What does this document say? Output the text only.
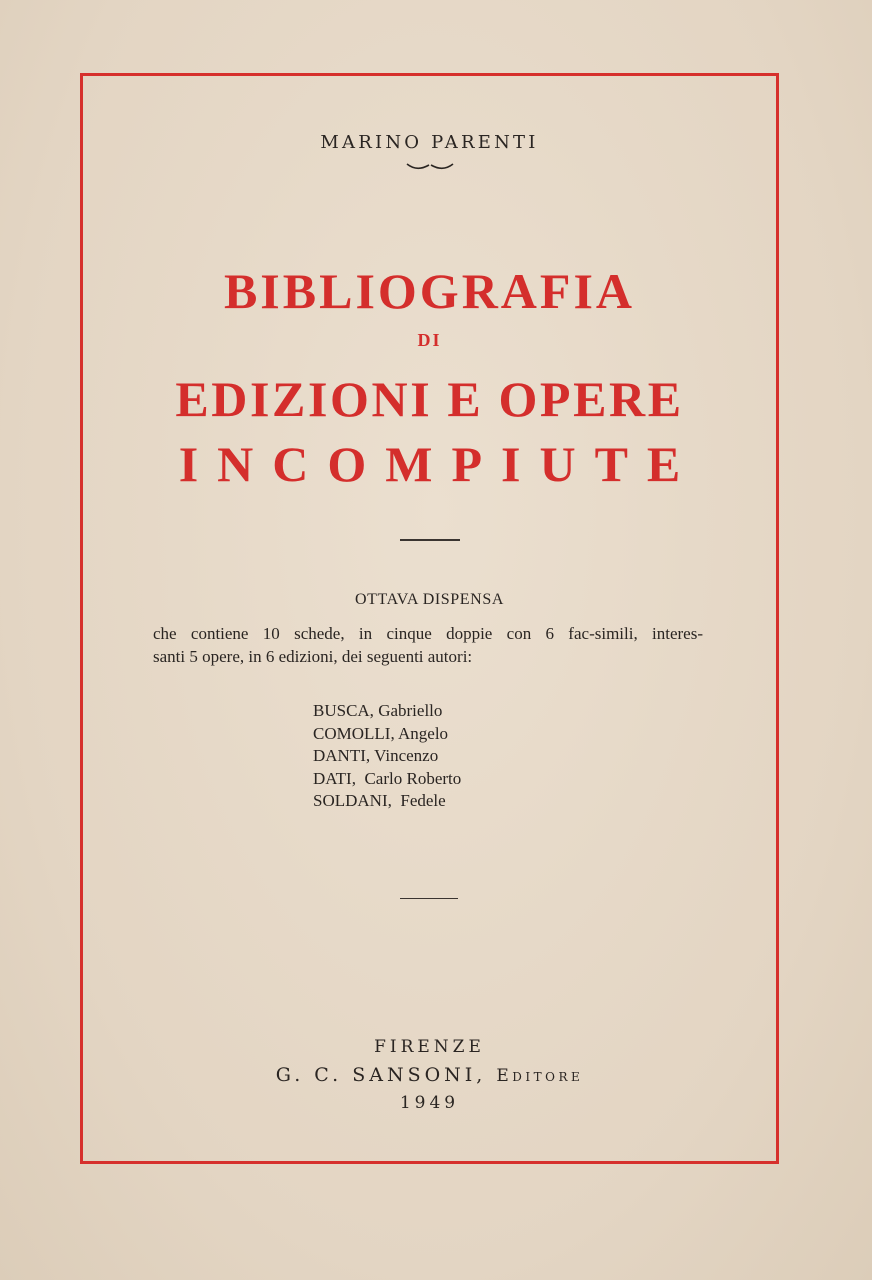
MARINO PARENTI
BIBLIOGRAFIA
DI
EDIZIONI E OPERE
INCOMPIUTE
OTTAVA DISPENSA
che contiene 10 schede, in cinque doppie con 6 fac-simili, interes-
santi 5 opere, in 6 edizioni, dei seguenti autori:
BUSCA, Gabriello
COMOLLI, Angelo
DANTI, Vincenzo
DATI, Carlo Roberto
SOLDANI, Fedele
FIRENZE
G. C. SANSONI, Editore
1949
